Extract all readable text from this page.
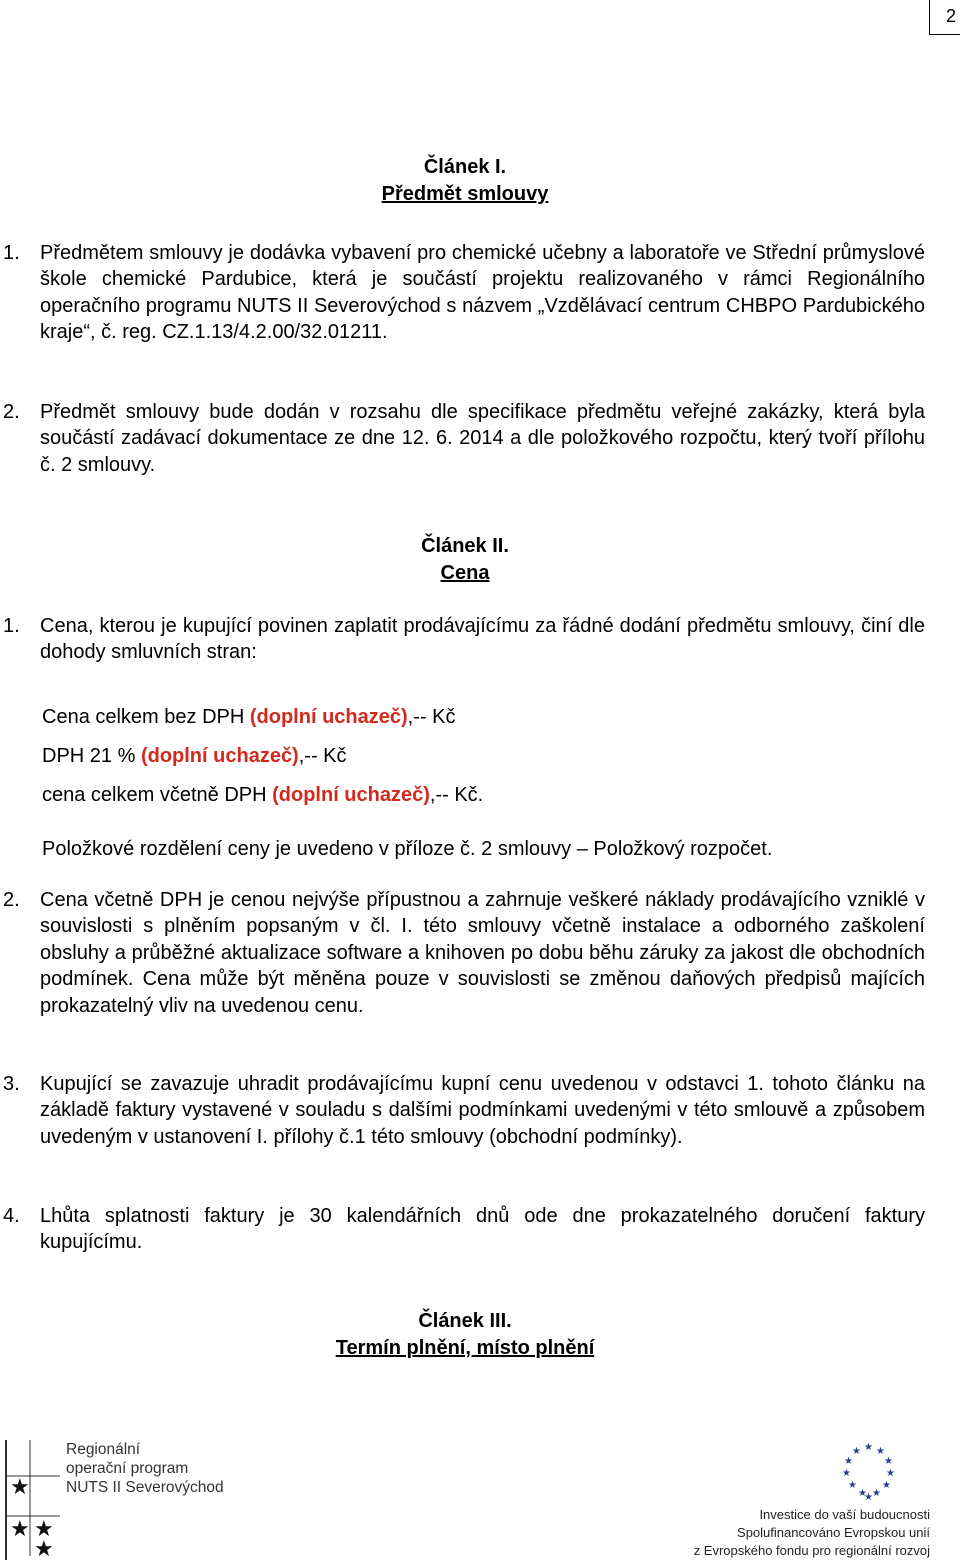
2
Článek I.
Předmět smlouvy
1. Předmětem smlouvy je dodávka vybavení pro chemické učebny a laboratoře ve Střední průmyslové škole chemické Pardubice, která je součástí projektu realizovaného v rámci Regionálního operačního programu NUTS II Severovýchod s názvem „Vzdělávací centrum CHBPO Pardubického kraje“, č. reg. CZ.1.13/4.2.00/32.01211.
2. Předmět smlouvy bude dodán v rozsahu dle specifikace předmětu veřejné zakázky, která byla součástí zadávací dokumentace ze dne 12. 6. 2014 a dle položkového rozpočtu, který tvoří přílohu č. 2 smlouvy.
Článek II.
Cena
1. Cena, kterou je kupující povinen zaplatit prodávajícímu za řádné dodání předmětu smlouvy, činí dle dohody smluvních stran:
Cena celkem bez DPH (doplní uchazeč),-- Kč
DPH 21 % (doplní uchazeč),-- Kč
cena celkem včetně DPH (doplní uchazeč),-- Kč.
Položkové rozdělení ceny je uvedeno v příloze č. 2 smlouvy – Položkový rozpočet.
2. Cena včetně DPH je cenou nejvýše přípustnou a zahrnuje veškeré náklady prodávajícího vzniklé v souvislosti s plněním popsaným v čl. I. této smlouvy včetně instalace a odborného zaškolení obsluhy a průběžné aktualizace software a knihoven po dobu běhu záruky za jakost dle obchodních podmínek. Cena může být měněna pouze v souvislosti se změnou daňových předpisů majících prokazatelný vliv na uvedenou cenu.
3. Kupující se zavazuje uhradit prodávajícímu kupní cenu uvedenou v odstavci 1. tohoto článku na základě faktury vystavené v souladu s dalšími podmínkami uvedenými v této smlouvě a způsobem uvedeným v ustanovení I. přílohy č.1 této smlouvy (obchodní podmínky).
4. Lhůta splatnosti faktury je 30 kalendářních dnů ode dne prokazatelného doručení faktury kupujícímu.
Článek III.
Termín plnění, místo plnění
★
★ ★
★
Regionální
operační program
NUTS II Severovýchod
★ ★
★
★
★
★
★
★
★
★
★
★
Investice do vaší budoucnosti
Spolufinancováno Evropskou unií
z Evropského fondu pro regionální rozvoj
